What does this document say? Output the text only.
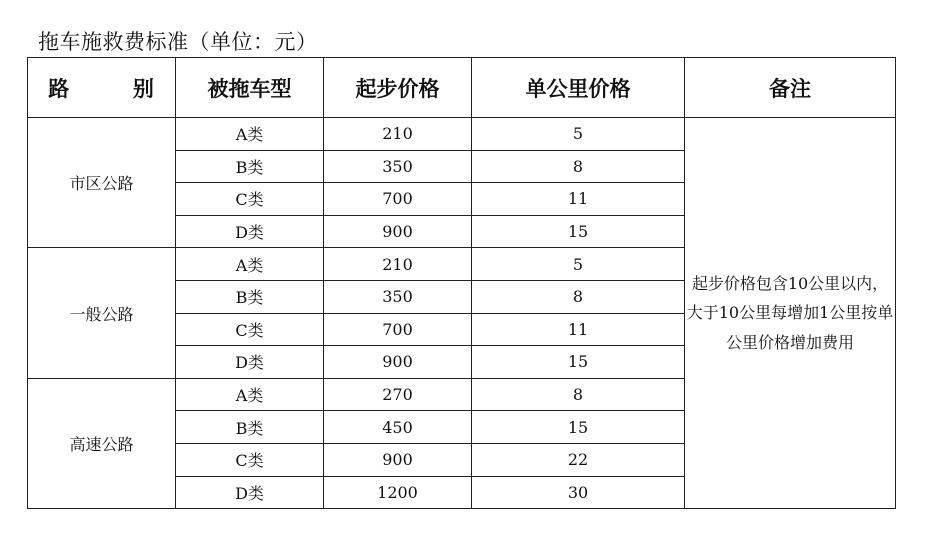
拖车施救费标准（单位：元）
路 别	被拖车型	起步价格	单公里价格	备注
市区公路	A类	210	5	起步价格包含10公里以内，大于10公里每增加1公里按单公里价格增加费用
	B类	350	8	
	C类	700	11	
	D类	900	15	
一般公路	A类	210	5	
	B类	350	8	
	C类	700	11	
	D类	900	15	
高速公路	A类	270	8	
	B类	450	15	
	C类	900	22	
	D类	1200	30	
